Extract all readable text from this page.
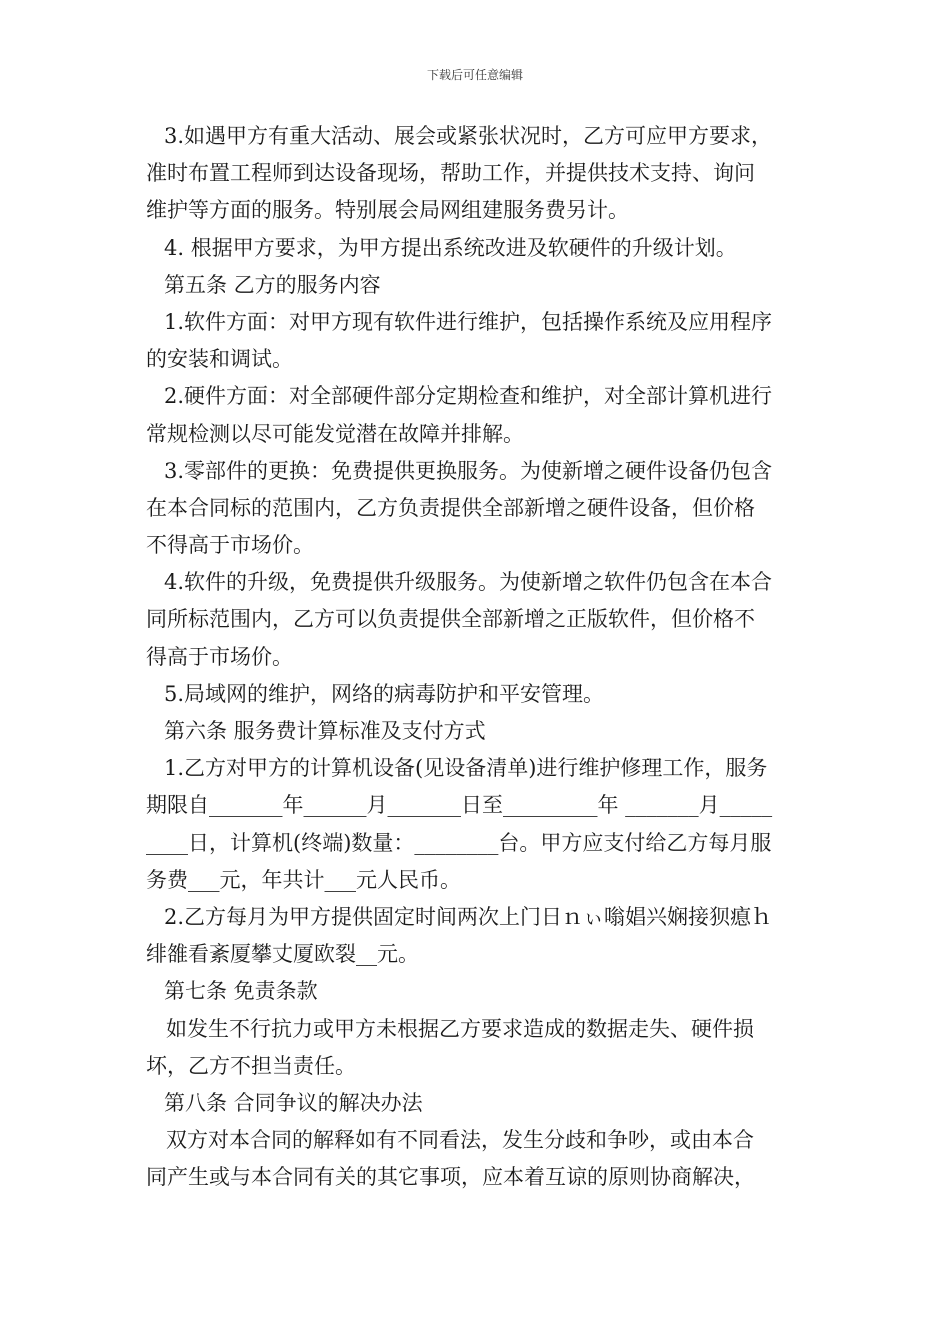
下载后可任意编辑
3.如遇甲方有重大活动、展会或紧张状况时，乙方可应甲方要求，
准时布置工程师到达设备现场，帮助工作，并提供技术支持、询问
维护等方面的服务。特别展会局网组建服务费另计。
4. 根据甲方要求，为甲方提出系统改进及软硬件的升级计划。
第五条 乙方的服务内容
1.软件方面：对甲方现有软件进行维护，包括操作系统及应用程序
的安装和调试。
2.硬件方面：对全部硬件部分定期检查和维护，对全部计算机进行
常规检测以尽可能发觉潜在故障并排解。
3.零部件的更换：免费提供更换服务。为使新增之硬件设备仍包含
在本合同标的范围内，乙方负责提供全部新增之硬件设备，但价格
不得高于市场价。
4.软件的升级，免费提供升级服务。为使新增之软件仍包含在本合
同所标范围内，乙方可以负责提供全部新增之正版软件，但价格不
得高于市场价。
5.局域网的维护，网络的病毒防护和平安管理。
第六条 服务费计算标准及支付方式
1.乙方对甲方的计算机设备(见设备清单)进行维护修理工作，服务
期限自_______年______月_______日至_________年 _______月_____
____日，计算机(终端)数量：________台。甲方应支付给乙方每月服
务费___元，年共计___元人民币。
2.乙方每月为甲方提供固定时间两次上门日ｎぃ嗡娼兴娴接狈瘜ｈ
绯雒看紊厦攀丈厦欧裂__元。
第七条 免责条款
如发生不行抗力或甲方未根据乙方要求造成的数据走失、硬件损
坏，乙方不担当责任。
第八条 合同争议的解决办法
双方对本合同的解释如有不同看法，发生分歧和争吵，或由本合
同产生或与本合同有关的其它事项，应本着互谅的原则协商解决，
